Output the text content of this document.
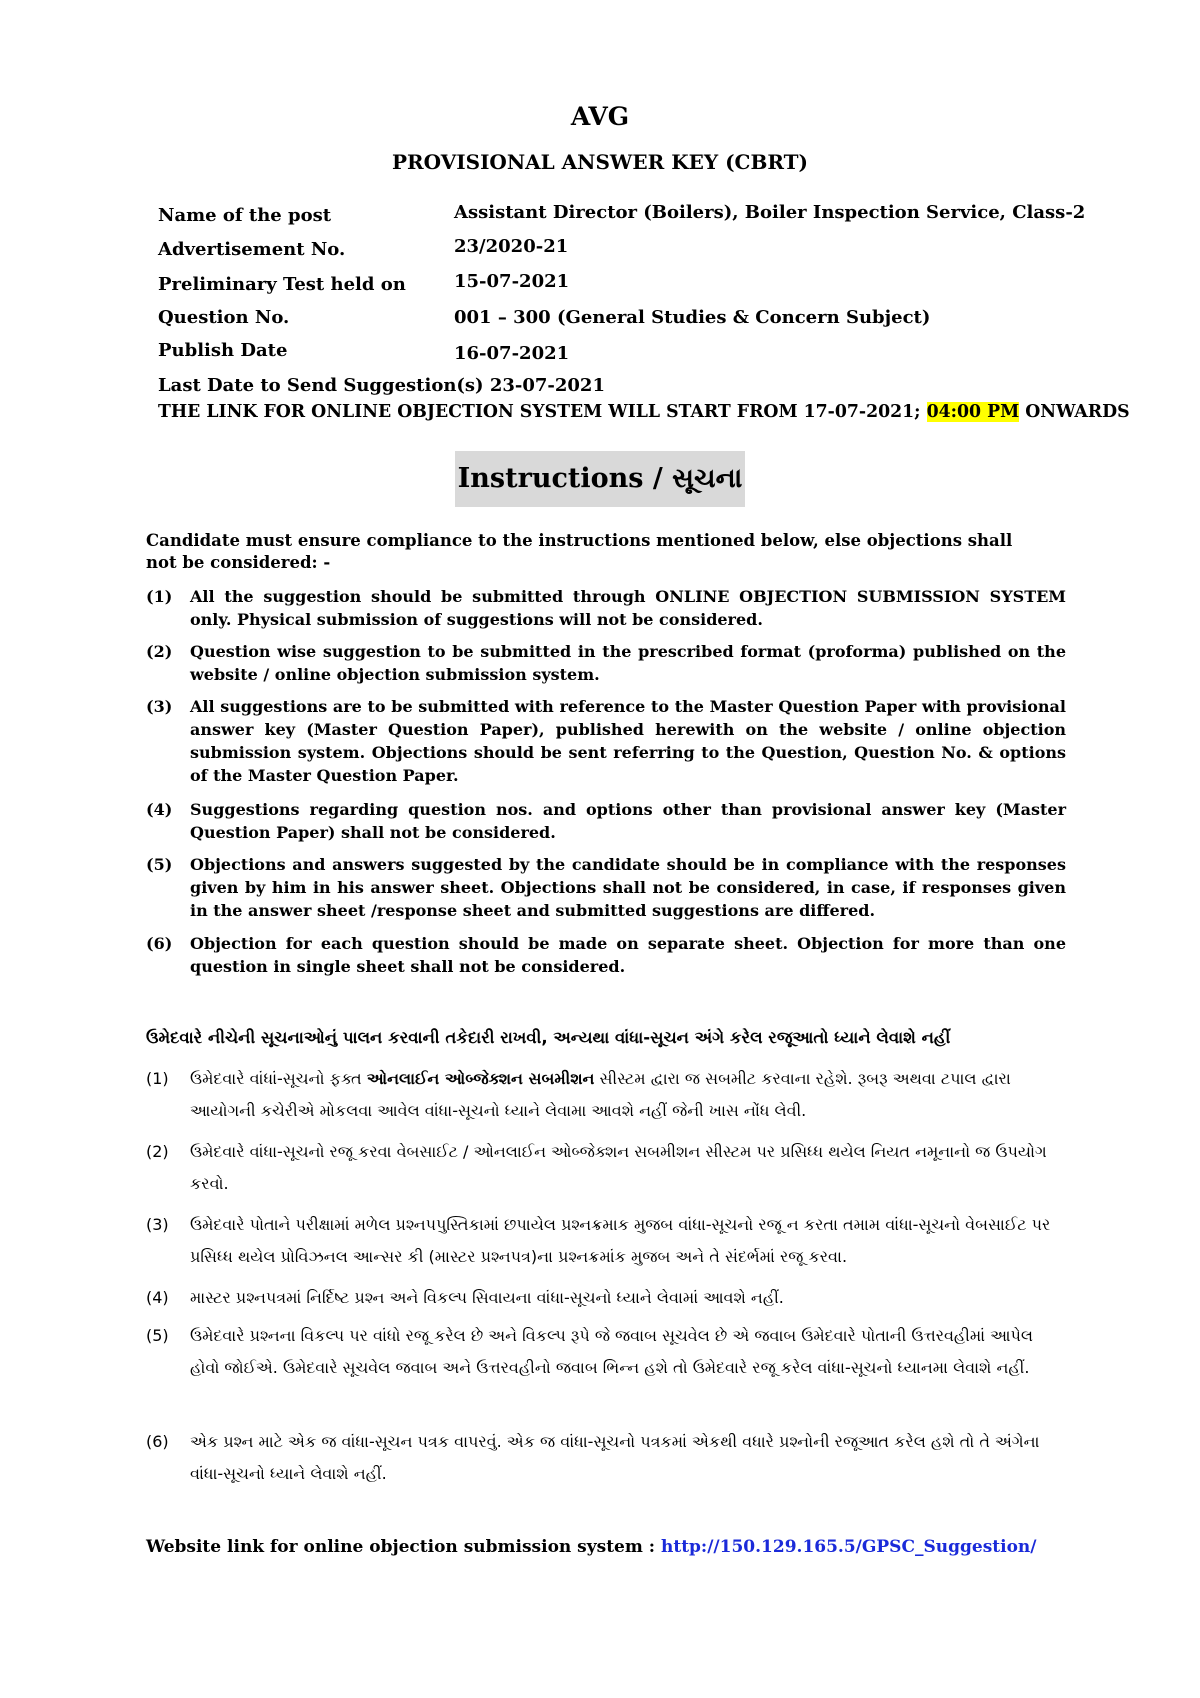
AVG
PROVISIONAL ANSWER KEY (CBRT)
Name of the post	Assistant Director (Boilers), Boiler Inspection Service, Class-2
Advertisement No.	23/2020-21
Preliminary Test held on	15-07-2021
Question No.	001 – 300 (General Studies & Concern Subject)
Publish Date	16-07-2021
Last Date to Send Suggestion(s) 23-07-2021
THE LINK FOR ONLINE OBJECTION SYSTEM WILL START FROM 17-07-2021; 04:00 PM ONWARDS
Instructions / સૂચના
Candidate must ensure compliance to the instructions mentioned below, else objections shall not be considered: -
(1)	All the suggestion should be submitted through ONLINE OBJECTION SUBMISSION SYSTEM only. Physical submission of suggestions will not be considered.
(2)	Question wise suggestion to be submitted in the prescribed format (proforma) published on the website / online objection submission system.
(3)	All suggestions are to be submitted with reference to the Master Question Paper with provisional answer key (Master Question Paper), published herewith on the website / online objection submission system. Objections should be sent referring to the Question, Question No. & options of the Master Question Paper.
(4)	Suggestions regarding question nos. and options other than provisional answer key (Master Question Paper) shall not be considered.
(5)	Objections and answers suggested by the candidate should be in compliance with the responses given by him in his answer sheet. Objections shall not be considered, in case, if responses given in the answer sheet /response sheet and submitted suggestions are differed.
(6)	Objection for each question should be made on separate sheet. Objection for more than one question in single sheet shall not be considered.
ઉમેદવારે નીચેની સૂચનાઓનું પાલન કરવાની તકેદારી રાખવી, અન્યથા વાંધા-સૂચન અંગે કરેલ રજૂઆતો ધ્યાને લેવાશે નહીં
(1)	ઉમેદવારે વાંધાં-સૂચનો ફક્ત ઓનલાઈન ઓબ્જેક્શન સબમીશન સીસ્ટમ દ્વારા જ સબમીટ કરવાના રહેશે. રૂબરૂ અથવા ટપાલ દ્વારા આયોગની કચેરીએ મોકલવા આવેલ વાંધા-સૂચનો ધ્યાને લેવામા આવશે નહીં જેની ખાસ નોંધ લેવી.
(2)	ઉમેદવારે વાંધા-સૂચનો રજૂ કરવા વેબસાઈટ / ઓનલાઈન ઓબ્જેક્શન સબમીશન સીસ્ટમ પર પ્રસિધ્ધ થયેલ નિયત નમૂનાનો જ ઉપયોગ કરવો.
(3)	ઉમેદવારે પોતાને પરીક્ષામાં મળેલ પ્રશ્નપપુસ્તિકામાં છપાયેલ પ્રશ્નક્રમાક મુજબ વાંધા-સૂચનો રજૂ ન કરતા તમામ વાંધા-સૂચનો વેબસાઈટ પર પ્રસિધ્ધ થયેલ પ્રોવિઝનલ આન્સર કી (માસ્ટર પ્રશ્નપત્ર)ના પ્રશ્નક્રમાંક મુજબ અને તે સંદર્ભમાં રજૂ કરવા.
(4)	માસ્ટર પ્રશ્નપત્રમાં નિર્દિષ્ટ પ્રશ્ન અને વિકલ્પ સિવાયના વાંધા-સૂચનો ધ્યાને લેવામાં આવશે નહીં.
(5)	ઉમેદવારે પ્રશ્નના વિકલ્પ પર વાંધો રજૂ કરેલ છે અને વિકલ્પ રૂપે જે જવાબ સૂચવેલ છે એ જવાબ ઉમેદવારે પોતાની ઉત્તરવહીમાં આપેલ હોવો જોઈએ. ઉમેદવારે સૂચવેલ જવાબ અને ઉત્તરવહીનો જવાબ ભિન્ન હશે તો ઉમેદવારે રજૂ કરેલ વાંધા-સૂચનો ધ્યાનમા લેવાશે નહીં.
(6)	એક પ્રશ્ન માટે એક જ વાંધા-સૂચન પત્રક વાપરવું. એક જ વાંધા-સૂચનો પત્રકમાં એકથી વધારે પ્રશ્નોની રજૂઆત કરેલ હશે તો તે અંગેના વાંધા-સૂચનો ધ્યાને લેવાશે નહીં.
Website link for online objection submission system : http://150.129.165.5/GPSC_Suggestion/
